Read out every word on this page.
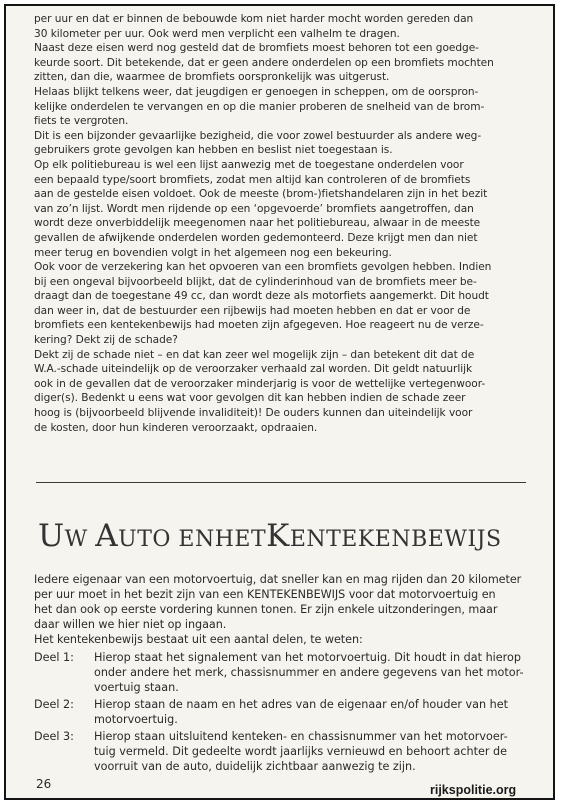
per uur en dat er binnen de bebouwde kom niet harder mocht worden gereden dan

30 kilometer per uur. Ook werd men verplicht een valhelm te dragen.

Naast deze eisen werd nog gesteld dat de bromfiets moest behoren tot een goedge-

keurde soort. Dit betekende, dat er geen andere onderdelen op een bromfiets mochten

zitten, dan die, waarmee de bromfiets oorspronkelijk was uitgerust.

Helaas blijkt telkens weer, dat jeugdigen er genoegen in scheppen, om de oorspron-

kelijke onderdelen te vervangen en op die manier proberen de snelheid van de brom-

fiets te vergroten.

Dit is een bijzonder gevaarlijke bezigheid, die voor zowel bestuurder als andere weg-

gebruikers grote gevolgen kan hebben en beslist niet toegestaan is.

Op elk politiebureau is wel een lijst aanwezig met de toegestane onderdelen voor

een bepaald type/soort bromfiets, zodat men altijd kan controleren of de bromfiets

aan de gestelde eisen voldoet. Ook de meeste (brom-)fietshandelaren zijn in het bezit

van zo’n lijst. Wordt men rijdende op een ‘opgevoerde’ bromfiets aangetroffen, dan

wordt deze onverbiddelijk meegenomen naar het politiebureau, alwaar in de meeste

gevallen de afwijkende onderdelen worden gedemonteerd. Deze krijgt men dan niet

meer terug en bovendien volgt in het algemeen nog een bekeuring.

Ook voor de verzekering kan het opvoeren van een bromfiets gevolgen hebben. Indien

bij een ongeval bijvoorbeeld blijkt, dat de cylinderinhoud van de bromfiets meer be-

draagt dan de toegestane 49 cc, dan wordt deze als motorfiets aangemerkt. Dit houdt

dan weer in, dat de bestuurder een rijbewijs had moeten hebben en dat er voor de

bromfiets een kentekenbewijs had moeten zijn afgegeven. Hoe reageert nu de verze-

kering? Dekt zij de schade?

Dekt zij de schade niet – en dat kan zeer wel mogelijk zijn – dan betekent dit dat de

W.A.-schade uiteindelijk op de veroorzaker verhaald zal worden. Dit geldt natuurlijk

ook in de gevallen dat de veroorzaker minderjarig is voor de wettelijke vertegenwoor-

diger(s). Bedenkt u eens wat voor gevolgen dit kan hebben indien de schade zeer

hoog is (bijvoorbeeld blijvende invaliditeit)! De ouders kunnen dan uiteindelijk voor

de kosten, door hun kinderen veroorzaakt, opdraaien.

UW AUTO ENHETKENTEKENBEWIJS

Iedere eigenaar van een motorvoertuig, dat sneller kan en mag rijden dan 20 kilometer

per uur moet in het bezit zijn van een KENTEKENBEWIJS voor dat motorvoertuig en

het dan ook op eerste vordering kunnen tonen. Er zijn enkele uitzonderingen, maar

daar willen we hier niet op ingaan.

Het kentekenbewijs bestaat uit een aantal delen, te weten:

Deel 1:	Hierop staat het signalement van het motorvoertuig. Dit houdt in dat hierop
onder andere het merk, chassisnummer en andere gegevens van het motor-
voertuig staan.
Deel 2:	Hierop staan de naam en het adres van de eigenaar en/of houder van het
motorvoertuig.
Deel 3:	Hierop staan uitsluitend kenteken- en chassisnummer van het motorvoer-
tuig vermeld. Dit gedeelte wordt jaarlijks vernieuwd en behoort achter de
voorruit van de auto, duidelijk zichtbaar aanwezig te zijn.
26	rijkspolitie.org
